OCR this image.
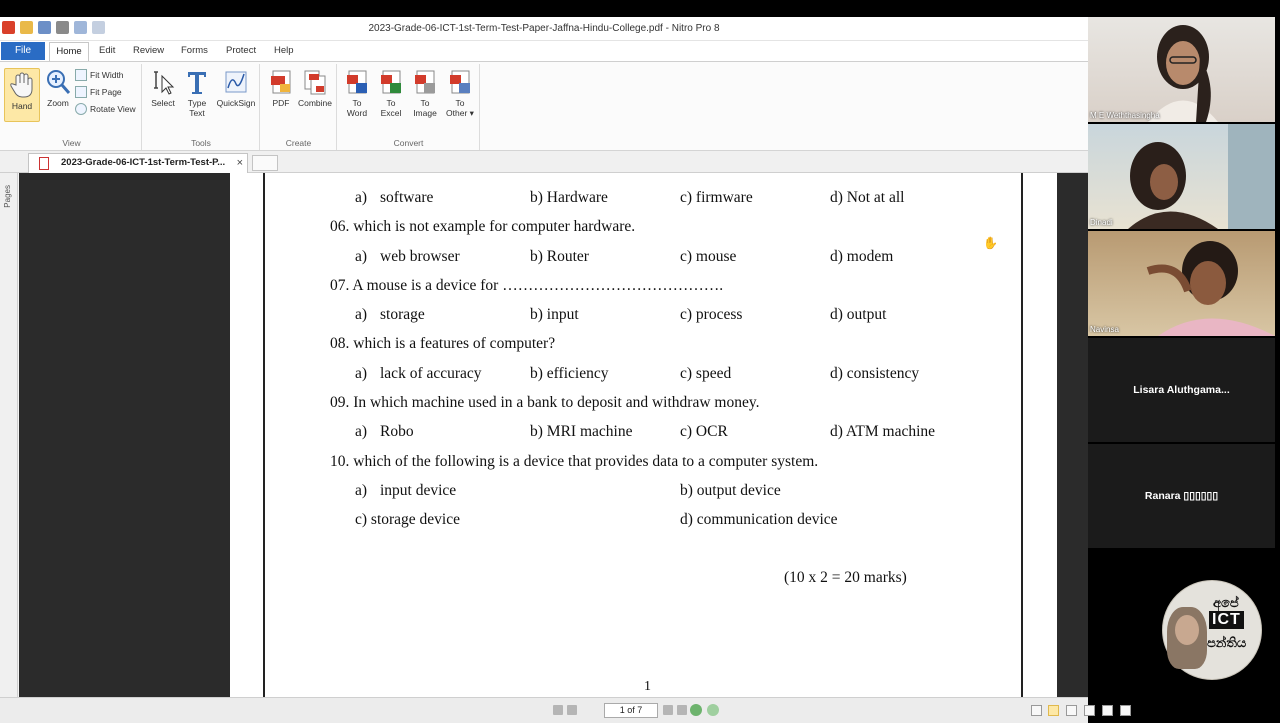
2023-Grade-06-ICT-1st-Term-Test-Paper-Jaffna-Hindu-College.pdf - Nitro Pro 8
File	Home	Edit Review Forms Protect Help
Hand	Zoom
Fit Width
Fit Page
Rotate View
View
Select	Type
Text
QuickSign
Tools
PDF Combine
Create
To
Word
To
Excel
To
Image
To
Other ▾
Convert
2023-Grade-06-ICT-1st-Term-Test-P... ×
Pages	a) software	b) Hardware	c) firmware	d) Not at all
06. which is not example for computer hardware.
a) web browser	b) Router	c) mouse	d) modem
✋
07. A mouse is a device for …………………………………….
a) storage	b) input	c) process	d) output
08. which is a features of computer?
a) lack of accuracy	b) efficiency	c) speed	d) consistency
09. In which machine used in a bank to deposit and withdraw money.
a) Robo	b) MRI machine	c) OCR	d) ATM machine
10. which of the following is a device that provides data to a computer system.
a) input device	b) output device
c) storage device	d) communication device
(10 x 2 = 20 marks)
1
1 of 7
M E Weththasingha
Dinadi
Navinsa
Lisara Aluthgama...
Ranara ▯▯▯▯▯▯
අපේ
ICT
පන්තිය
